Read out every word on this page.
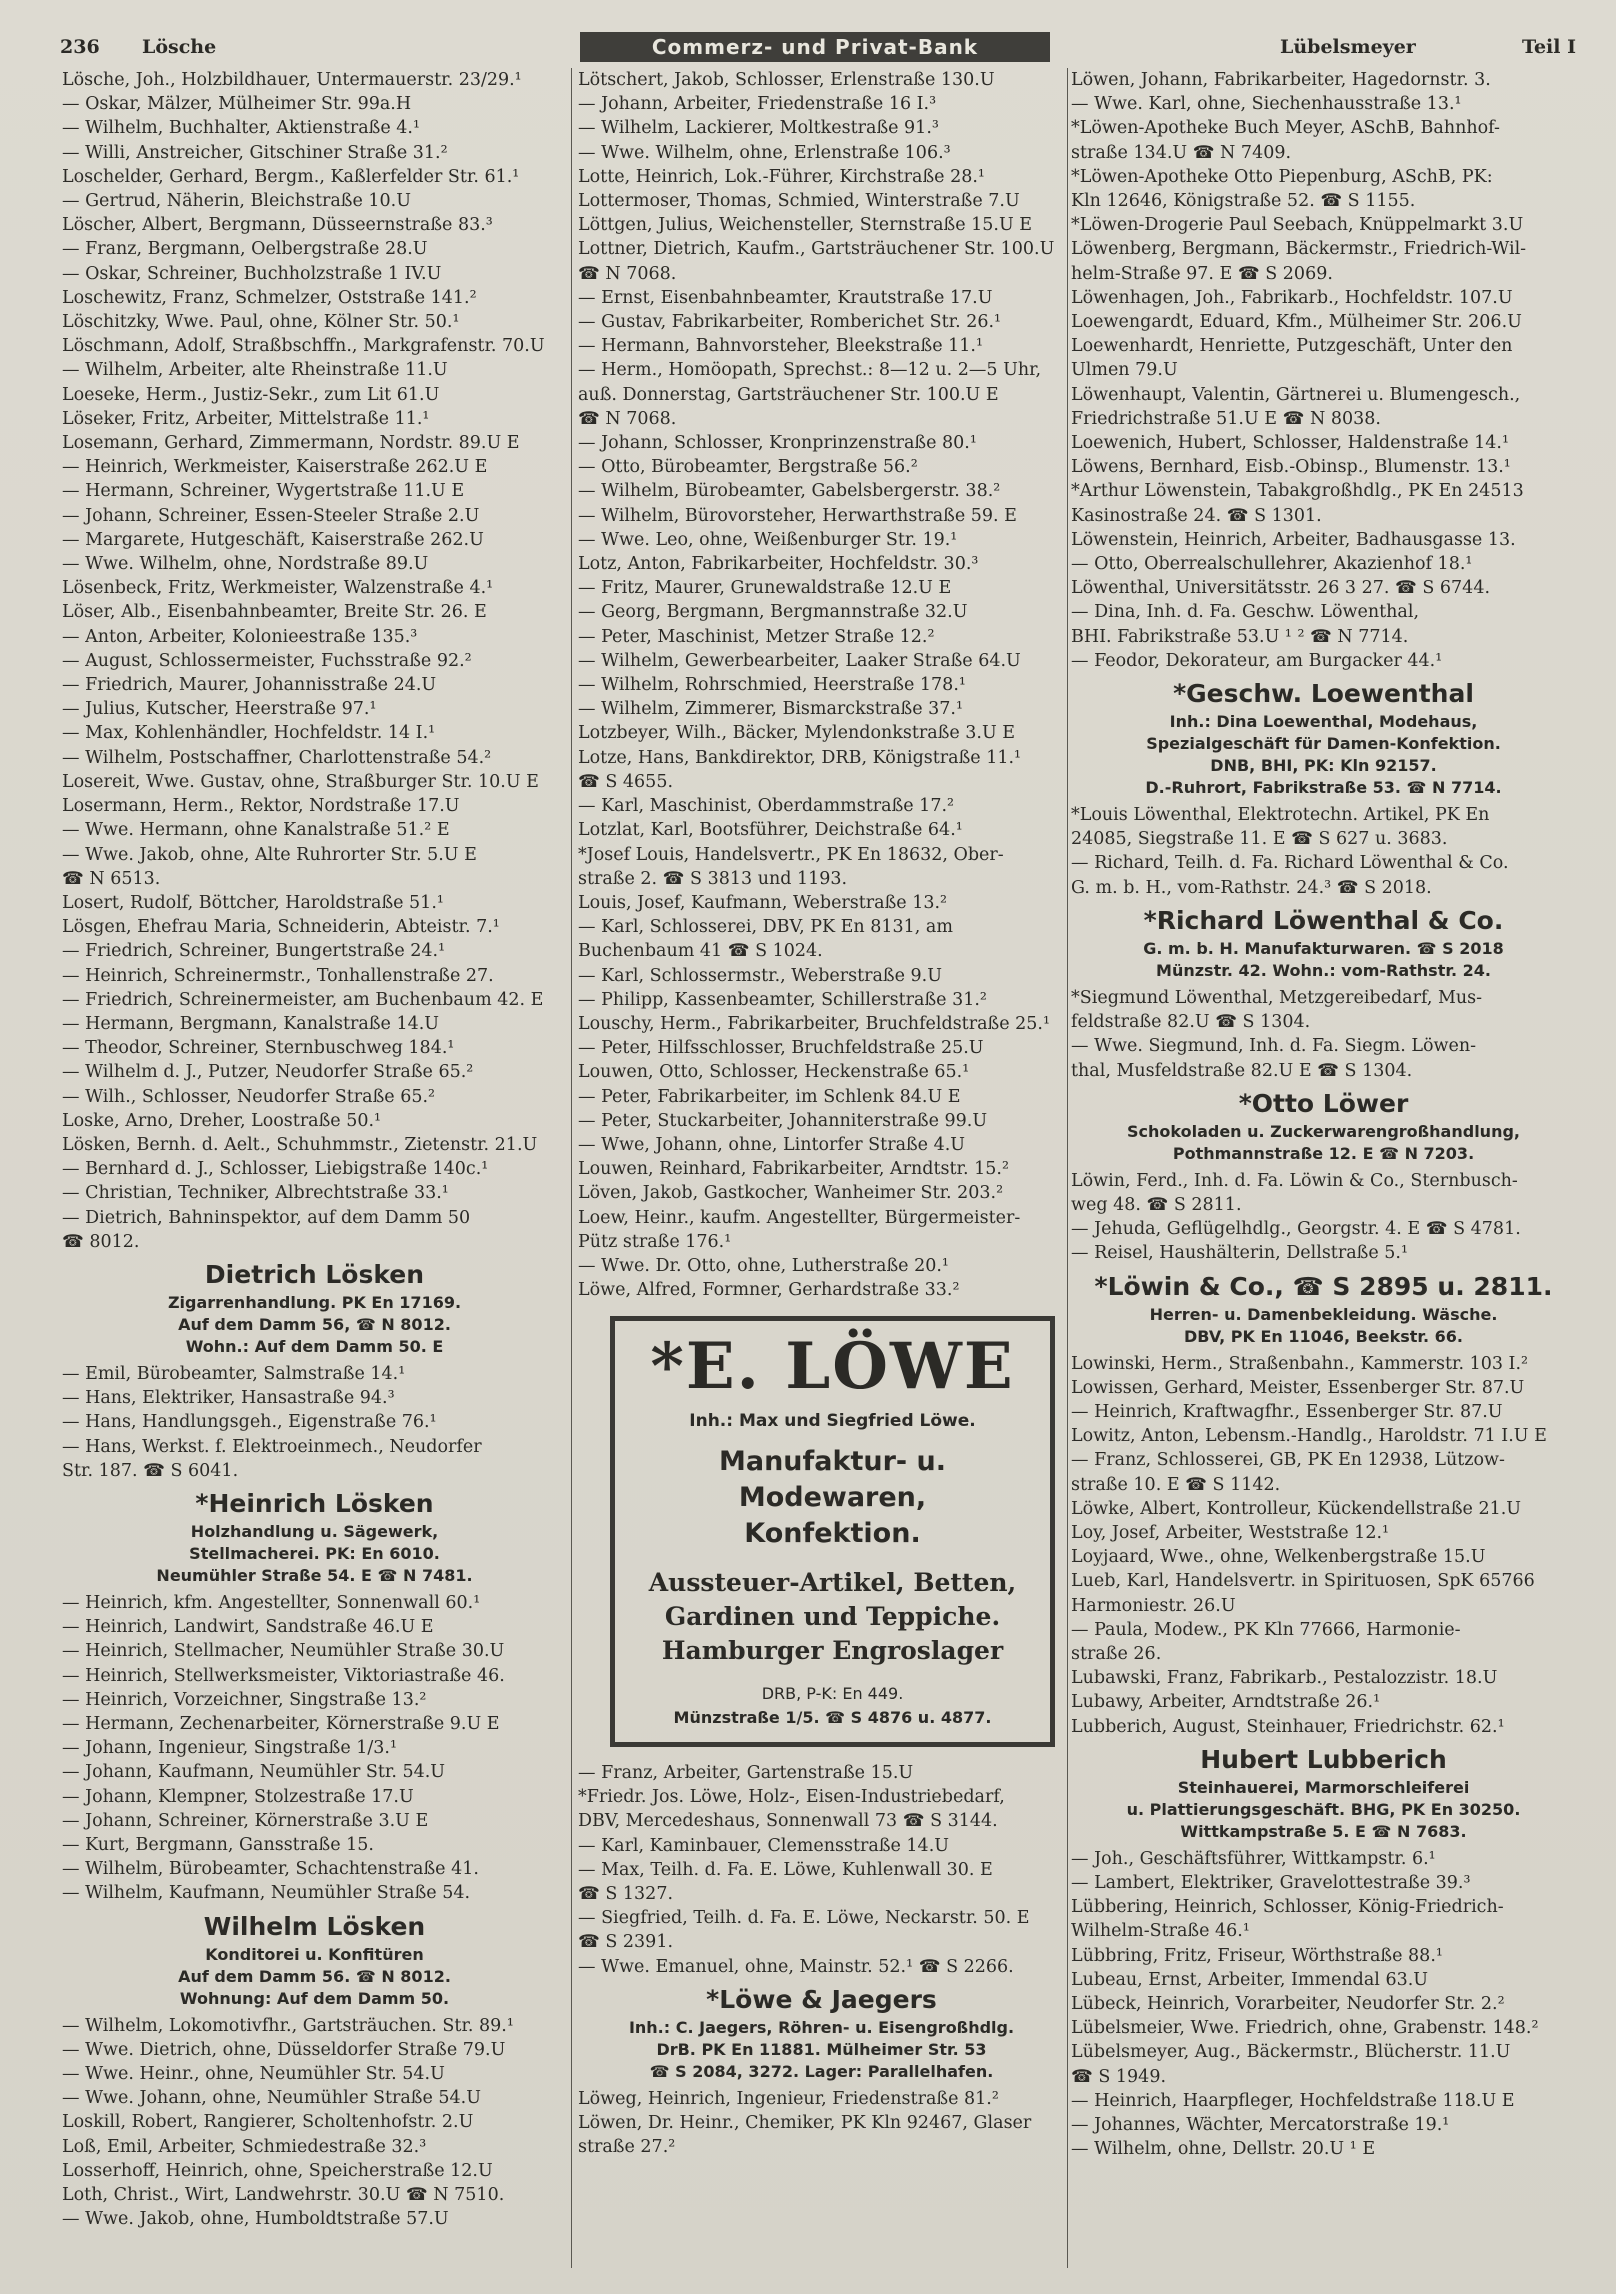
236 Lösche	Commerz- und Privat-Bank	Lübelsmeyer	Teil I
Lösche, Joh., Holzbildhauer, Untermauerstr. 23/29.¹
— Oskar, Mälzer, Mülheimer Str. 99a.H
— Wilhelm, Buchhalter, Aktienstraße 4.¹
— Willi, Anstreicher, Gitschiner Straße 31.²
Loschelder, Gerhard, Bergm., Kaßlerfelder Str. 61.¹
— Gertrud, Näherin, Bleichstraße 10.U
Löscher, Albert, Bergmann, Düsseernstraße 83.³
— Franz, Bergmann, Oelbergstraße 28.U
— Oskar, Schreiner, Buchholzstraße 1 IV.U
Loschewitz, Franz, Schmelzer, Oststraße 141.²
Löschitzky, Wwe. Paul, ohne, Kölner Str. 50.¹
Löschmann, Adolf, Straßbschffn., Markgrafenstr. 70.U
— Wilhelm, Arbeiter, alte Rheinstraße 11.U
Loeseke, Herm., Justiz-Sekr., zum Lit 61.U
Löseker, Fritz, Arbeiter, Mittelstraße 11.¹
Losemann, Gerhard, Zimmermann, Nordstr. 89.U E
— Heinrich, Werkmeister, Kaiserstraße 262.U E
— Hermann, Schreiner, Wygertstraße 11.U E
— Johann, Schreiner, Essen-Steeler Straße 2.U
— Margarete, Hutgeschäft, Kaiserstraße 262.U
— Wwe. Wilhelm, ohne, Nordstraße 89.U
Lösenbeck, Fritz, Werkmeister, Walzenstraße 4.¹
Löser, Alb., Eisenbahnbeamter, Breite Str. 26. E
— Anton, Arbeiter, Kolonieestraße 135.³
— August, Schlossermeister, Fuchsstraße 92.²
— Friedrich, Maurer, Johannisstraße 24.U
— Julius, Kutscher, Heerstraße 97.¹
— Max, Kohlenhändler, Hochfeldstr. 14 I.¹
— Wilhelm, Postschaffner, Charlottenstraße 54.²
Losereit, Wwe. Gustav, ohne, Straßburger Str. 10.U E
Losermann, Herm., Rektor, Nordstraße 17.U
— Wwe. Hermann, ohne Kanalstraße 51.² E
— Wwe. Jakob, ohne, Alte Ruhrorter Str. 5.U E
☎ N 6513.
Losert, Rudolf, Böttcher, Haroldstraße 51.¹
Lösgen, Ehefrau Maria, Schneiderin, Abteistr. 7.¹
— Friedrich, Schreiner, Bungertstraße 24.¹
— Heinrich, Schreinermstr., Tonhallenstraße 27.
— Friedrich, Schreinermeister, am Buchenbaum 42. E
— Hermann, Bergmann, Kanalstraße 14.U
— Theodor, Schreiner, Sternbuschweg 184.¹
— Wilhelm d. J., Putzer, Neudorfer Straße 65.²
— Wilh., Schlosser, Neudorfer Straße 65.²
Loske, Arno, Dreher, Loostraße 50.¹
Lösken, Bernh. d. Aelt., Schuhmmstr., Zietenstr. 21.U
— Bernhard d. J., Schlosser, Liebigstraße 140c.¹
— Christian, Techniker, Albrechtstraße 33.¹
— Dietrich, Bahninspektor, auf dem Damm 50
☎ 8012.
Dietrich Lösken
Zigarrenhandlung. PK En 17169.
Auf dem Damm 56, ☎ N 8012.
Wohn.: Auf dem Damm 50. E
— Emil, Bürobeamter, Salmstraße 14.¹
— Hans, Elektriker, Hansastraße 94.³
— Hans, Handlungsgeh., Eigenstraße 76.¹
— Hans, Werkst. f. Elektroeinmech., Neudorfer
Str. 187. ☎ S 6041.
*Heinrich Lösken
Holzhandlung u. Sägewerk,
Stellmacherei. PK: En 6010.
Neumühler Straße 54. E ☎ N 7481.
— Heinrich, kfm. Angestellter, Sonnenwall 60.¹
— Heinrich, Landwirt, Sandstraße 46.U E
— Heinrich, Stellmacher, Neumühler Straße 30.U
— Heinrich, Stellwerksmeister, Viktoriastraße 46.
— Heinrich, Vorzeichner, Singstraße 13.²
— Hermann, Zechenarbeiter, Körnerstraße 9.U E
— Johann, Ingenieur, Singstraße 1/3.¹
— Johann, Kaufmann, Neumühler Str. 54.U
— Johann, Klempner, Stolzestraße 17.U
— Johann, Schreiner, Körnerstraße 3.U E
— Kurt, Bergmann, Gansstraße 15.
— Wilhelm, Bürobeamter, Schachtenstraße 41.
— Wilhelm, Kaufmann, Neumühler Straße 54.
Wilhelm Lösken
Konditorei u. Konfitüren
Auf dem Damm 56. ☎ N 8012.
Wohnung: Auf dem Damm 50.
— Wilhelm, Lokomotivfhr., Gartsträuchen. Str. 89.¹
— Wwe. Dietrich, ohne, Düsseldorfer Straße 79.U
— Wwe. Heinr., ohne, Neumühler Str. 54.U
— Wwe. Johann, ohne, Neumühler Straße 54.U
Loskill, Robert, Rangierer, Scholtenhofstr. 2.U
Loß, Emil, Arbeiter, Schmiedestraße 32.³
Losserhoff, Heinrich, ohne, Speicherstraße 12.U
Loth, Christ., Wirt, Landwehrstr. 30.U ☎ N 7510.
— Wwe. Jakob, ohne, Humboldtstraße 57.U
Lötschert, Jakob, Schlosser, Erlenstraße 130.U
— Johann, Arbeiter, Friedenstraße 16 I.³
— Wilhelm, Lackierer, Moltkestraße 91.³
— Wwe. Wilhelm, ohne, Erlenstraße 106.³
Lotte, Heinrich, Lok.-Führer, Kirchstraße 28.¹
Lottermoser, Thomas, Schmied, Winterstraße 7.U
Löttgen, Julius, Weichensteller, Sternstraße 15.U E
Lottner, Dietrich, Kaufm., Gartsträuchener Str. 100.U
☎ N 7068.
— Ernst, Eisenbahnbeamter, Krautstraße 17.U
— Gustav, Fabrikarbeiter, Romberichet Str. 26.¹
— Hermann, Bahnvorsteher, Bleekstraße 11.¹
— Herm., Homöopath, Sprechst.: 8—12 u. 2—5 Uhr,
auß. Donnerstag, Gartsträuchener Str. 100.U E
☎ N 7068.
— Johann, Schlosser, Kronprinzenstraße 80.¹
— Otto, Bürobeamter, Bergstraße 56.²
— Wilhelm, Bürobeamter, Gabelsbergerstr. 38.²
— Wilhelm, Bürovorsteher, Herwarthstraße 59. E
— Wwe. Leo, ohne, Weißenburger Str. 19.¹
Lotz, Anton, Fabrikarbeiter, Hochfeldstr. 30.³
— Fritz, Maurer, Grunewaldstraße 12.U E
— Georg, Bergmann, Bergmannstraße 32.U
— Peter, Maschinist, Metzer Straße 12.²
— Wilhelm, Gewerbearbeiter, Laaker Straße 64.U
— Wilhelm, Rohrschmied, Heerstraße 178.¹
— Wilhelm, Zimmerer, Bismarckstraße 37.¹
Lotzbeyer, Wilh., Bäcker, Mylendonkstraße 3.U E
Lotze, Hans, Bankdirektor, DRB, Königstraße 11.¹
☎ S 4655.
— Karl, Maschinist, Oberdammstraße 17.²
Lotzlat, Karl, Bootsführer, Deichstraße 64.¹
*Josef Louis, Handelsvertr., PK En 18632, Ober-
straße 2. ☎ S 3813 und 1193.
Louis, Josef, Kaufmann, Weberstraße 13.²
— Karl, Schlosserei, DBV, PK En 8131, am
Buchenbaum 41 ☎ S 1024.
— Karl, Schlossermstr., Weberstraße 9.U
— Philipp, Kassenbeamter, Schillerstraße 31.²
Louschy, Herm., Fabrikarbeiter, Bruchfeldstraße 25.¹
— Peter, Hilfsschlosser, Bruchfeldstraße 25.U
Louwen, Otto, Schlosser, Heckenstraße 65.¹
— Peter, Fabrikarbeiter, im Schlenk 84.U E
— Peter, Stuckarbeiter, Johanniterstraße 99.U
— Wwe, Johann, ohne, Lintorfer Straße 4.U
Louwen, Reinhard, Fabrikarbeiter, Arndtstr. 15.²
Löven, Jakob, Gastkocher, Wanheimer Str. 203.²
Loew, Heinr., kaufm. Angestellter, Bürgermeister-
Pütz straße 176.¹
— Wwe. Dr. Otto, ohne, Lutherstraße 20.¹
Löwe, Alfred, Formner, Gerhardstraße 33.²
*E. LÖWE
Inh.: Max und Siegfried Löwe.
Manufaktur- u. Modewaren,
Konfektion.
Aussteuer-Artikel, Betten,
Gardinen und Teppiche.
Hamburger Engroslager
DRB, P-K: En 449.
Münzstraße 1/5. ☎ S 4876 u. 4877.
— Franz, Arbeiter, Gartenstraße 15.U
*Friedr. Jos. Löwe, Holz-, Eisen-Industriebedarf,
DBV, Mercedeshaus, Sonnenwall 73 ☎ S 3144.
— Karl, Kaminbauer, Clemensstraße 14.U
— Max, Teilh. d. Fa. E. Löwe, Kuhlenwall 30. E
☎ S 1327.
— Siegfried, Teilh. d. Fa. E. Löwe, Neckarstr. 50. E
☎ S 2391.
— Wwe. Emanuel, ohne, Mainstr. 52.¹ ☎ S 2266.
*Löwe & Jaegers
Inh.: C. Jaegers, Röhren- u. Eisengroßhdlg.
DrB. PK En 11881. Mülheimer Str. 53
☎ S 2084, 3272. Lager: Parallelhafen.
Löweg, Heinrich, Ingenieur, Friedenstraße 81.²
Löwen, Dr. Heinr., Chemiker, PK Kln 92467, Glaser
straße 27.²
Löwen, Johann, Fabrikarbeiter, Hagedornstr. 3.
— Wwe. Karl, ohne, Siechenhausstraße 13.¹
*Löwen-Apotheke Buch Meyer, ASchB, Bahnhof-
straße 134.U ☎ N 7409.
*Löwen-Apotheke Otto Piepenburg, ASchB, PK:
Kln 12646, Königstraße 52. ☎ S 1155.
*Löwen-Drogerie Paul Seebach, Knüppelmarkt 3.U
Löwenberg, Bergmann, Bäckermstr., Friedrich-Wil-
helm-Straße 97. E ☎ S 2069.
Löwenhagen, Joh., Fabrikarb., Hochfeldstr. 107.U
Loewengardt, Eduard, Kfm., Mülheimer Str. 206.U
Loewenhardt, Henriette, Putzgeschäft, Unter den
Ulmen 79.U
Löwenhaupt, Valentin, Gärtnerei u. Blumengesch.,
Friedrichstraße 51.U E ☎ N 8038.
Loewenich, Hubert, Schlosser, Haldenstraße 14.¹
Löwens, Bernhard, Eisb.-Obinsp., Blumenstr. 13.¹
*Arthur Löwenstein, Tabakgroßhdlg., PK En 24513
Kasinostraße 24. ☎ S 1301.
Löwenstein, Heinrich, Arbeiter, Badhausgasse 13.
— Otto, Oberrealschullehrer, Akazienhof 18.¹
Löwenthal, Universitätsstr. 26 3 27. ☎ S 6744.
— Dina, Inh. d. Fa. Geschw. Löwenthal,
BHI. Fabrikstraße 53.U ¹ ² ☎ N 7714.
— Feodor, Dekorateur, am Burgacker 44.¹
*Geschw. Loewenthal
Inh.: Dina Loewenthal, Modehaus,
Spezialgeschäft für Damen-Konfektion.
DNB, BHI, PK: Kln 92157.
D.-Ruhrort, Fabrikstraße 53. ☎ N 7714.
*Louis Löwenthal, Elektrotechn. Artikel, PK En
24085, Siegstraße 11. E ☎ S 627 u. 3683.
— Richard, Teilh. d. Fa. Richard Löwenthal & Co.
G. m. b. H., vom-Rathstr. 24.³ ☎ S 2018.
*Richard Löwenthal & Co.
G. m. b. H. Manufakturwaren. ☎ S 2018
Münzstr. 42. Wohn.: vom-Rathstr. 24.
*Siegmund Löwenthal, Metzgereibedarf, Mus-
feldstraße 82.U ☎ S 1304.
— Wwe. Siegmund, Inh. d. Fa. Siegm. Löwen-
thal, Musfeldstraße 82.U E ☎ S 1304.
*Otto Löwer
Schokoladen u. Zuckerwarengroßhandlung,
Pothmannstraße 12. E ☎ N 7203.
Löwin, Ferd., Inh. d. Fa. Löwin & Co., Sternbusch-
weg 48. ☎ S 2811.
— Jehuda, Geflügelhdlg., Georgstr. 4. E ☎ S 4781.
— Reisel, Haushälterin, Dellstraße 5.¹
*Löwin & Co., ☎ S 2895 u. 2811.
Herren- u. Damenbekleidung. Wäsche.
DBV, PK En 11046, Beekstr. 66.
Lowinski, Herm., Straßenbahn., Kammerstr. 103 I.²
Lowissen, Gerhard, Meister, Essenberger Str. 87.U
— Heinrich, Kraftwagfhr., Essenberger Str. 87.U
Lowitz, Anton, Lebensm.-Handlg., Haroldstr. 71 I.U E
— Franz, Schlosserei, GB, PK En 12938, Lützow-
straße 10. E ☎ S 1142.
Löwke, Albert, Kontrolleur, Kückendellstraße 21.U
Loy, Josef, Arbeiter, Weststraße 12.¹
Loyjaard, Wwe., ohne, Welkenbergstraße 15.U
Lueb, Karl, Handelsvertr. in Spirituosen, SpK 65766
Harmoniestr. 26.U
— Paula, Modew., PK Kln 77666, Harmonie-
straße 26.
Lubawski, Franz, Fabrikarb., Pestalozzistr. 18.U
Lubawy, Arbeiter, Arndtstraße 26.¹
Lubberich, August, Steinhauer, Friedrichstr. 62.¹
Hubert Lubberich
Steinhauerei, Marmorschleiferei
u. Plattierungsgeschäft. BHG, PK En 30250.
Wittkampstraße 5. E ☎ N 7683.
— Joh., Geschäftsführer, Wittkampstr. 6.¹
— Lambert, Elektriker, Gravelottestraße 39.³
Lübbering, Heinrich, Schlosser, König-Friedrich-
Wilhelm-Straße 46.¹
Lübbring, Fritz, Friseur, Wörthstraße 88.¹
Lubeau, Ernst, Arbeiter, Immendal 63.U
Lübeck, Heinrich, Vorarbeiter, Neudorfer Str. 2.²
Lübelsmeier, Wwe. Friedrich, ohne, Grabenstr. 148.²
Lübelsmeyer, Aug., Bäckermstr., Blücherstr. 11.U
☎ S 1949.
— Heinrich, Haarpfleger, Hochfeldstraße 118.U E
— Johannes, Wächter, Mercatorstraße 19.¹
— Wilhelm, ohne, Dellstr. 20.U ¹ E
